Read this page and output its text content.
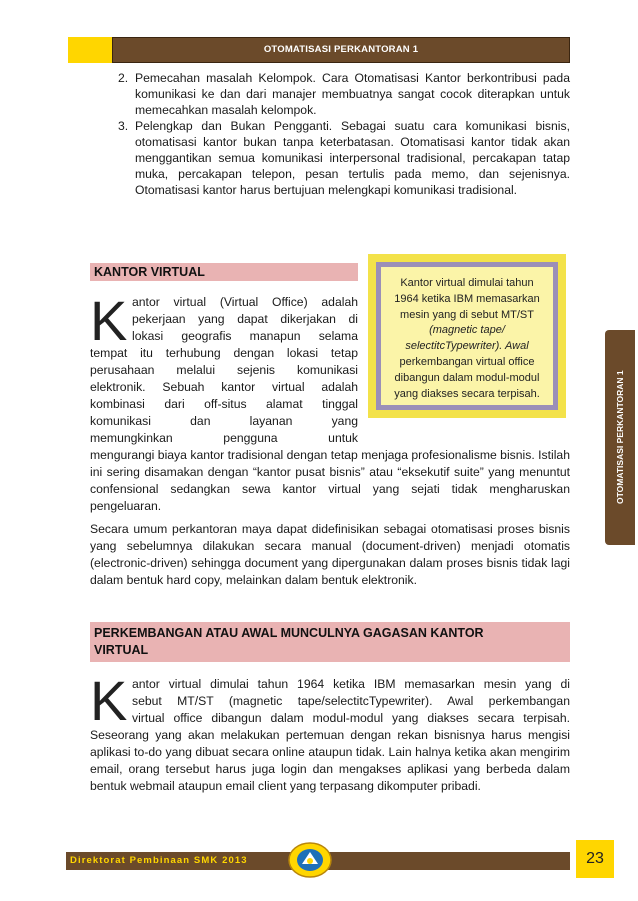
OTOMATISASI PERKANTORAN 1
OTOMATISASI PERKANTORAN 1
2. Pemecahan masalah Kelompok. Cara Otomatisasi Kantor berkontribusi pada komunikasi ke dan dari manajer membuatnya sangat cocok diterapkan untuk memecahkan masalah kelompok.
3. Pelengkap dan Bukan Pengganti. Sebagai suatu cara komunikasi bisnis, otomatisasi kantor bukan tanpa keterbatasan. Otomatisasi kantor tidak akan menggantikan semua komunikasi interpersonal tradisional, percakapan tatap muka, percakapan telepon, pesan tertulis pada memo, dan sejenisnya. Otomatisasi kantor harus bertujuan melengkapi komunikasi tradisional.
KANTOR VIRTUAL
Kantor virtual dimulai tahun
1964 ketika IBM memasarkan
mesin yang di sebut MT/ST
(magnetic tape/
selectitcTypewriter). Awal
perkembangan virtual office
dibangun dalam modul-modul
yang diakses secara terpisah.
K antor virtual (Virtual Office) adalah
pekerjaan yang dapat dikerjakan di
lokasi geografis manapun selama
tempat itu terhubung dengan lokasi tetap
perusahaan melalui sejenis komunikasi
elektronik. Sebuah kantor virtual adalah
kombinasi dari off-situs alamat tinggal
komunikasi dan layanan yang
memungkinkan pengguna untuk
mengurangi biaya kantor tradisional dengan tetap menjaga profesionalisme bisnis. Istilah ini sering disamakan dengan “kantor pusat bisnis” atau “eksekutif suite” yang menuntut confensional sedangkan sewa kantor virtual yang sejati tidak mengharuskan pengeluaran.
Secara umum perkantoran maya dapat didefinisikan sebagai otomatisasi proses bisnis yang sebelumnya dilakukan secara manual (document-driven) menjadi otomatis (electronic-driven) sehingga document yang dipergunakan dalam proses bisnis tidak lagi dalam bentuk hard copy, melainkan dalam bentuk elektronik.
PERKEMBANGAN ATAU AWAL MUNCULNYA GAGASAN KANTOR
VIRTUAL
K antor virtual dimulai tahun 1964 ketika IBM memasarkan mesin yang di
sebut MT/ST (magnetic tape/selectitcTypewriter). Awal perkembangan
virtual office dibangun dalam modul-modul yang diakses secara terpisah.
Seseorang yang akan melakukan pertemuan dengan rekan bisnisnya harus mengisi aplikasi to-do yang dibuat secara online ataupun tidak. Lain halnya ketika akan mengirim email, orang tersebut harus juga login dan mengakses aplikasi yang berbeda dalam bentuk webmail ataupun email client yang terpasang dikomputer pribadi.
Direktorat Pembinaan SMK 2013	23
